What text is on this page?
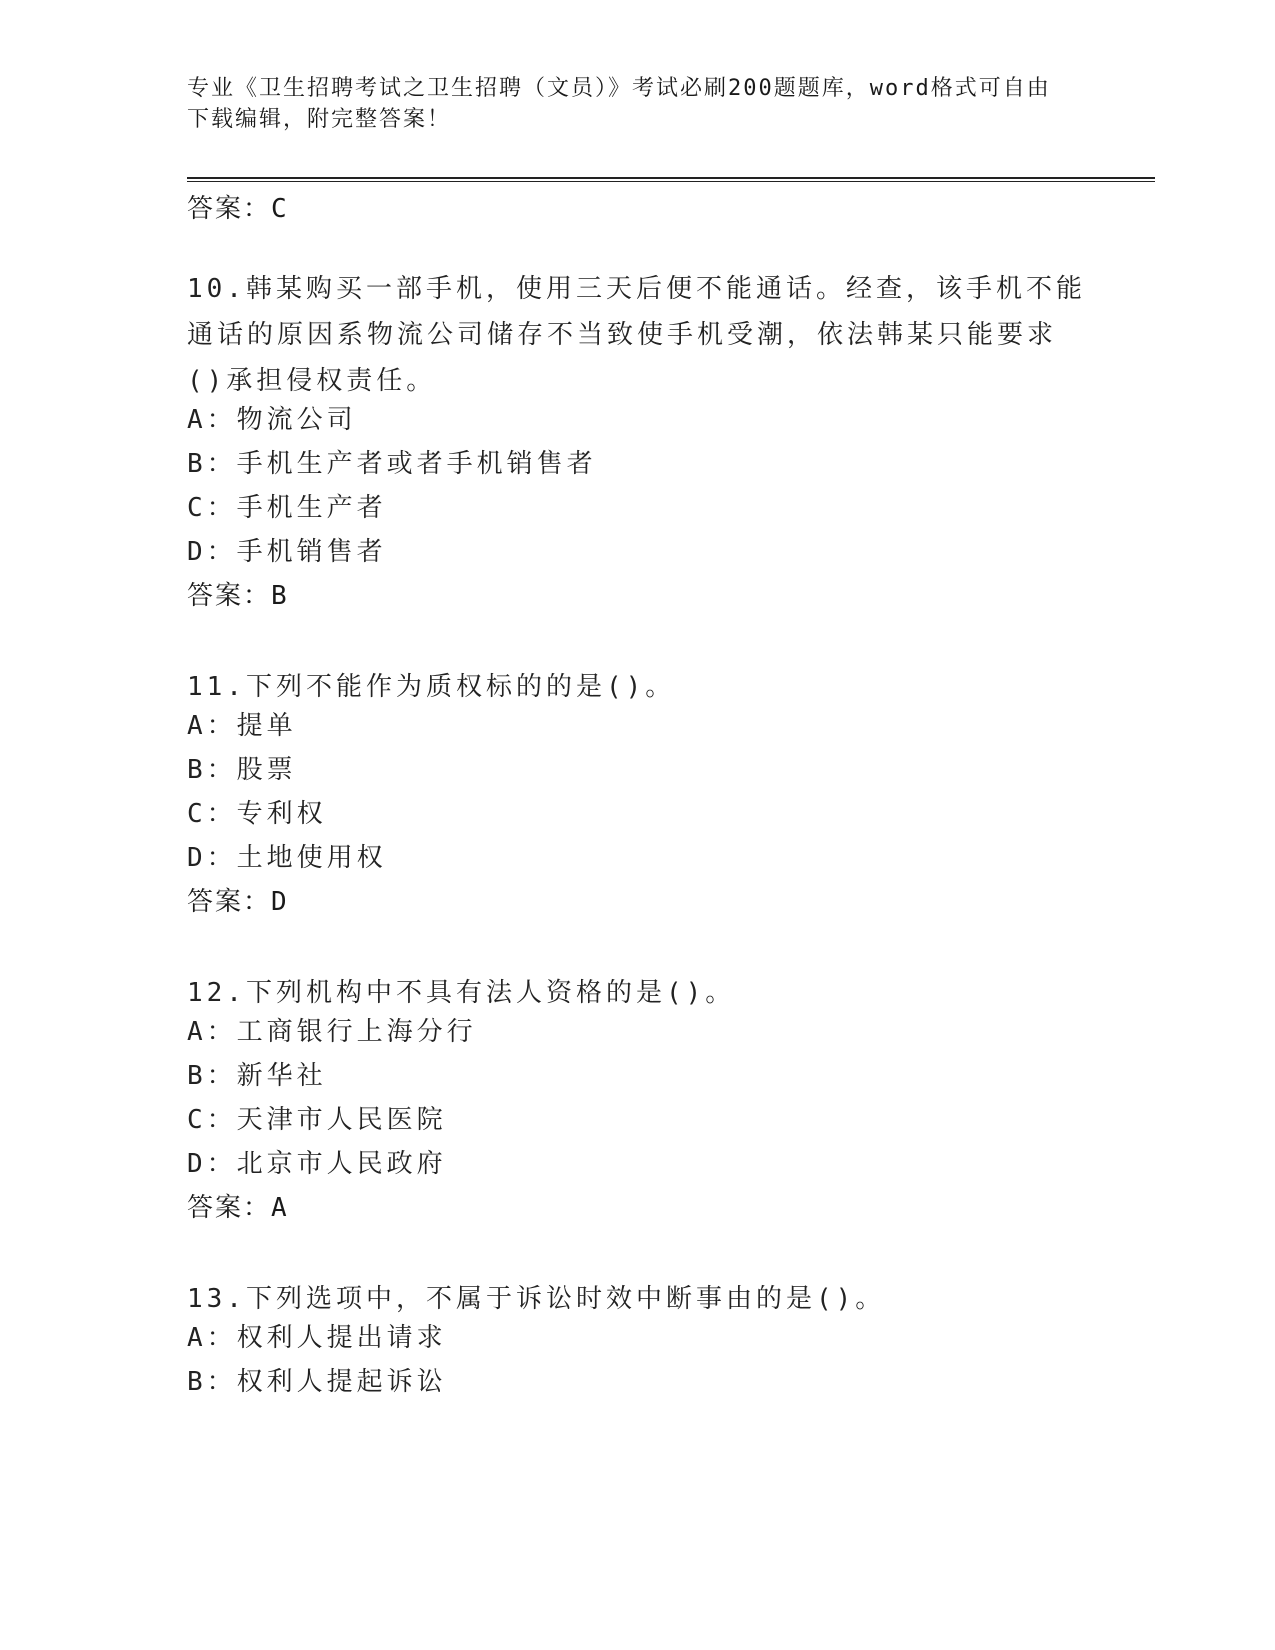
专业《卫生招聘考试之卫生招聘（文员）》考试必刷200题题库，word格式可自由下载编辑，附完整答案！
答案：C
10.韩某购买一部手机，使用三天后便不能通话。经查，该手机不能通话的原因系物流公司储存不当致使手机受潮，依法韩某只能要求()承担侵权责任。
A：物流公司
B：手机生产者或者手机销售者
C：手机生产者
D：手机销售者
答案：B
11.下列不能作为质权标的的是()。
A：提单
B：股票
C：专利权
D：土地使用权
答案：D
12.下列机构中不具有法人资格的是()。
A：工商银行上海分行
B：新华社
C：天津市人民医院
D：北京市人民政府
答案：A
13.下列选项中，不属于诉讼时效中断事由的是()。
A：权利人提出请求
B：权利人提起诉讼
